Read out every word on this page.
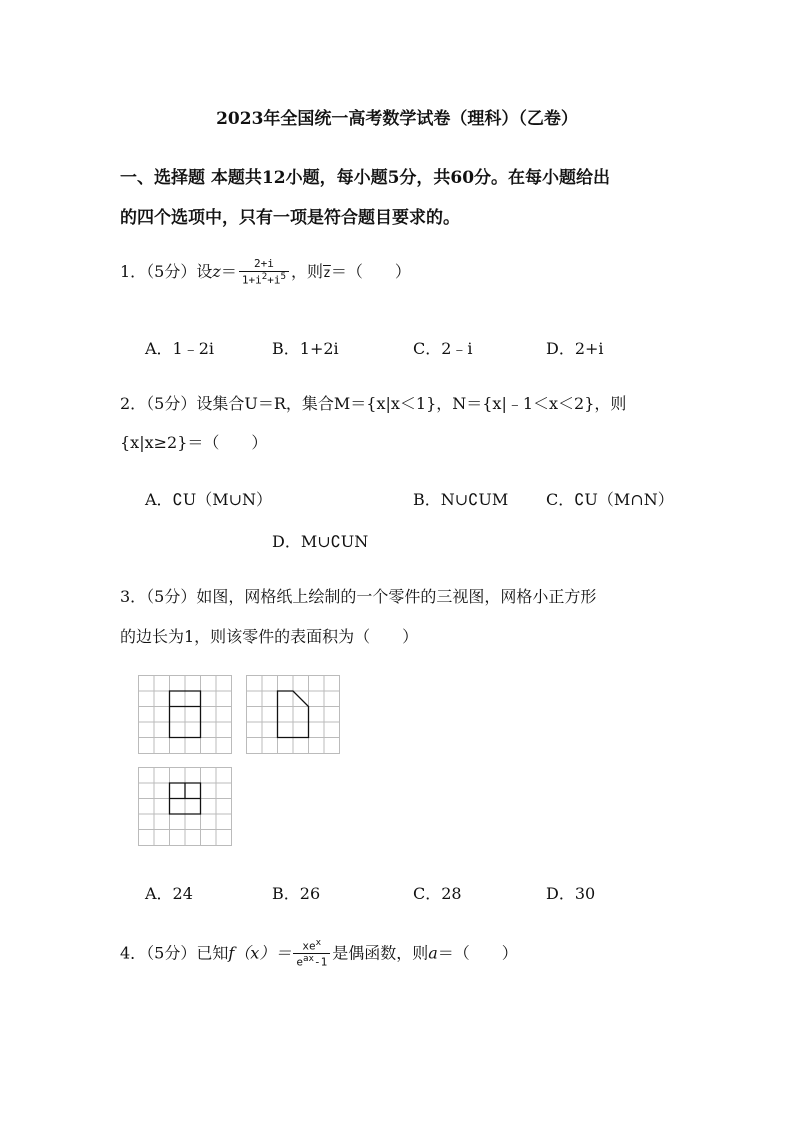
2023年全国统一高考数学试卷（理科）（乙卷）
一、选择题 本题共12小题，每小题5分，共60分。在每小题给出
的四个选项中，只有一项是符合题目要求的。
1．（5分）设$z= \frac{2+i}{1+i^2+i^5}$ ，则$\overline{z}=$（　　）
A．1﹣2i	B．1+2i	C．2﹣i	D．2+i
2．（5分）设集合U＝R，集合M＝{x|x＜1}，N＝{x|﹣1＜x＜2}，则
{x|x≥2}＝（　　）
A．∁U（M∪N）	B．N∪∁UM C．∁U（M∩N）
D．M∪∁UN
3．（5分）如图，网格纸上绘制的一个零件的三视图，网格小正方形
的边长为1，则该零件的表面积为（　　）
A．24	B．26	C．28	D．30
4．（5分）已知$f(x)= \frac{xe^x}{e^{ax}-1}$ 是偶函数，则a＝（　　）
